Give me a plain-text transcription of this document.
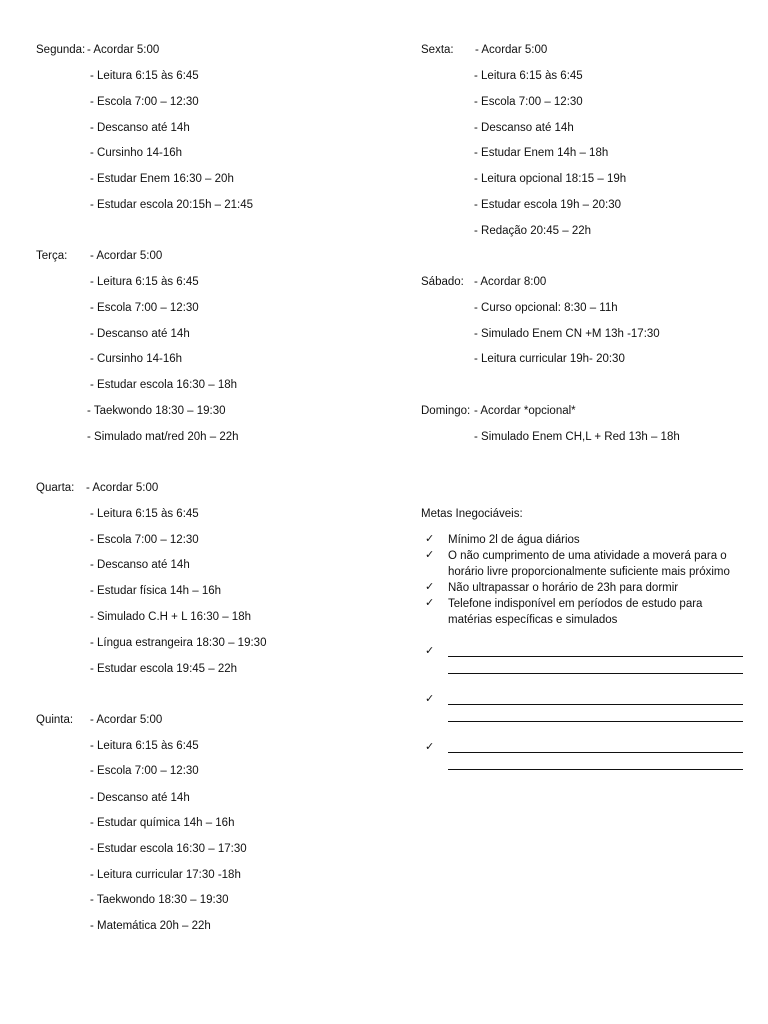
Segunda: - Acordar 5:00
- Leitura 6:15 às 6:45
- Escola 7:00 – 12:30
- Descanso até 14h
- Cursinho 14-16h
- Estudar Enem 16:30 – 20h
- Estudar escola 20:15h – 21:45
Terça: - Acordar 5:00
- Leitura 6:15 às 6:45
- Escola 7:00 – 12:30
- Descanso até 14h
- Cursinho 14-16h
- Estudar escola 16:30 – 18h
- Taekwondo 18:30 – 19:30
- Simulado mat/red 20h – 22h
Quarta: - Acordar 5:00
- Leitura 6:15 às 6:45
- Escola 7:00 – 12:30
- Descanso até 14h
- Estudar física 14h – 16h
- Simulado C.H + L 16:30 – 18h
- Língua estrangeira 18:30 – 19:30
- Estudar escola 19:45 – 22h
Quinta: - Acordar 5:00
- Leitura 6:15 às 6:45
- Escola 7:00 – 12:30
- Descanso até 14h
- Estudar química 14h – 16h
- Estudar escola 16:30 – 17:30
- Leitura curricular 17:30 -18h
- Taekwondo 18:30 – 19:30
- Matemática 20h – 22h
Sexta: - Acordar 5:00
- Leitura 6:15 às 6:45
- Escola 7:00 – 12:30
- Descanso até 14h
- Estudar Enem 14h – 18h
- Leitura opcional 18:15 – 19h
- Estudar escola 19h – 20:30
- Redação 20:45 – 22h
Sábado: - Acordar 8:00
- Curso opcional: 8:30 – 11h
- Simulado Enem CN +M 13h -17:30
- Leitura curricular 19h- 20:30
Domingo: - Acordar *opcional*
- Simulado Enem CH,L + Red 13h – 18h
Metas Inegociáveis:
✓ Mínimo 2l de água diários
✓ O não cumprimento de uma atividade a moverá para o horário livre proporcionalmente suficiente mais próximo
✓ Não ultrapassar o horário de 23h para dormir
✓ Telefone indisponível em períodos de estudo para matérias específicas e simulados
✓
✓
✓
